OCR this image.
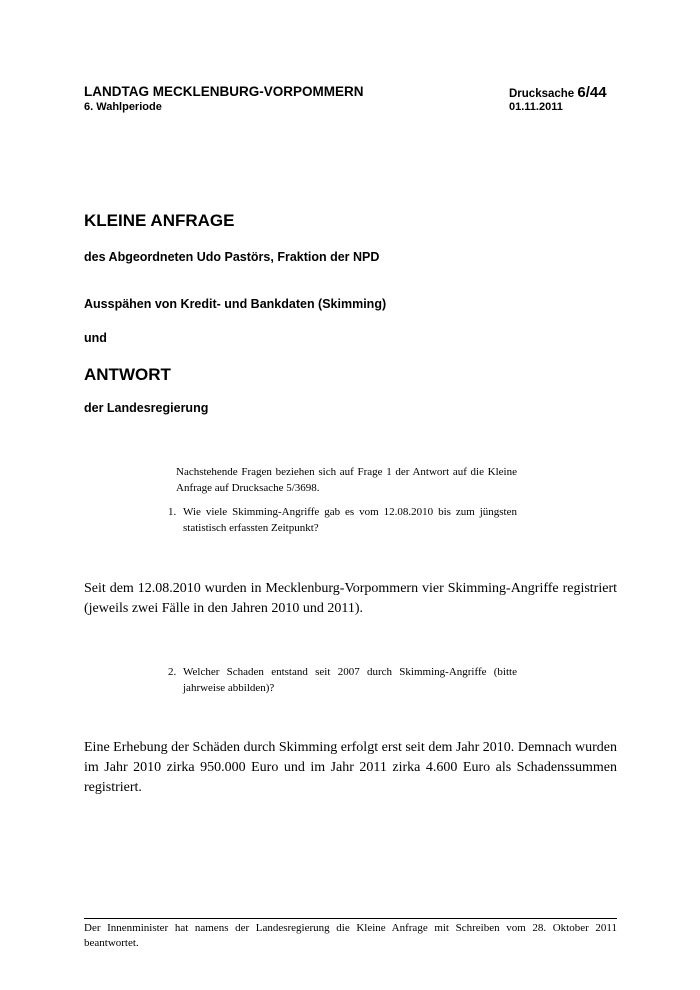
LANDTAG MECKLENBURG-VORPOMMERN
6. Wahlperiode
Drucksache 6/44
01.11.2011
KLEINE ANFRAGE
des Abgeordneten Udo Pastörs, Fraktion der NPD
Ausspähen von Kredit- und Bankdaten (Skimming)
und
ANTWORT
der Landesregierung
Nachstehende Fragen beziehen sich auf Frage 1 der Antwort auf die Kleine Anfrage auf Drucksache 5/3698.
1. Wie viele Skimming-Angriffe gab es vom 12.08.2010 bis zum jüngsten statistisch erfassten Zeitpunkt?
Seit dem 12.08.2010 wurden in Mecklenburg-Vorpommern vier Skimming-Angriffe registriert (jeweils zwei Fälle in den Jahren 2010 und 2011).
2. Welcher Schaden entstand seit 2007 durch Skimming-Angriffe (bitte jahrweise abbilden)?
Eine Erhebung der Schäden durch Skimming erfolgt erst seit dem Jahr 2010. Demnach wurden im Jahr 2010 zirka 950.000 Euro und im Jahr 2011 zirka 4.600 Euro als Schadenssummen registriert.
Der Innenminister hat namens der Landesregierung die Kleine Anfrage mit Schreiben vom 28. Oktober 2011 beantwortet.
